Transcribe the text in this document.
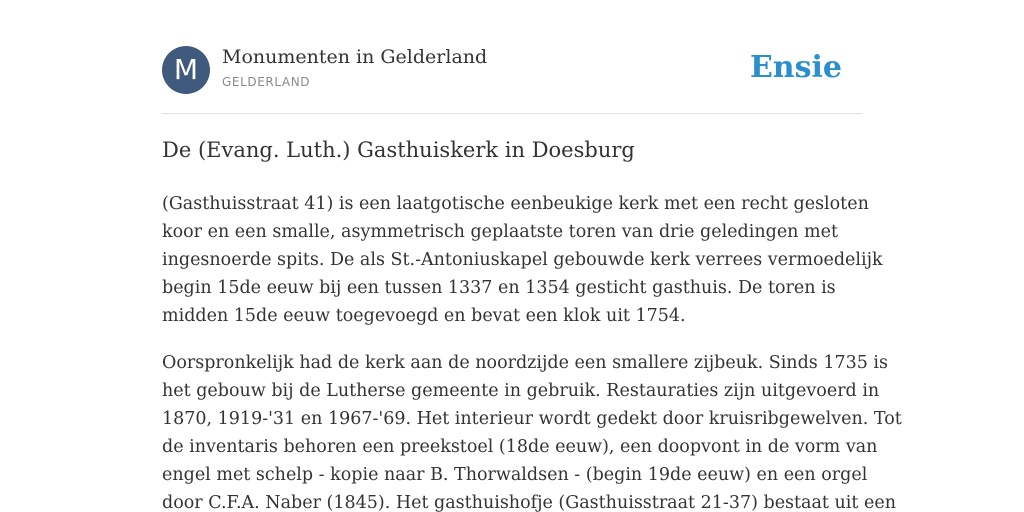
M	Monumenten in Gelderland
GELDERLAND	Ensie
De (Evang. Luth.) Gasthuiskerk in Doesburg

(Gasthuisstraat 41) is een laatgotische eenbeukige kerk met een recht gesloten
koor en een smalle, asymmetrisch geplaatste toren van drie geledingen met
ingesnoerde spits. De als St.-Antoniuskapel gebouwde kerk verrees vermoedelijk
begin 15de eeuw bij een tussen 1337 en 1354 gesticht gasthuis. De toren is
midden 15de eeuw toegevoegd en bevat een klok uit 1754.

Oorspronkelijk had de kerk aan de noordzijde een smallere zijbeuk. Sinds 1735 is
het gebouw bij de Lutherse gemeente in gebruik. Restauraties zijn uitgevoerd in
1870, 1919-'31 en 1967-'69. Het interieur wordt gedekt door kruisribgewelven. Tot
de inventaris behoren een preekstoel (18de eeuw), een doopvont in de vorm van
engel met schelp - kopie naar B. Thorwaldsen - (begin 19de eeuw) en een orgel
door C.F.A. Naber (1845). Het gasthuishofje (Gasthuisstraat 21-37) bestaat uit een
